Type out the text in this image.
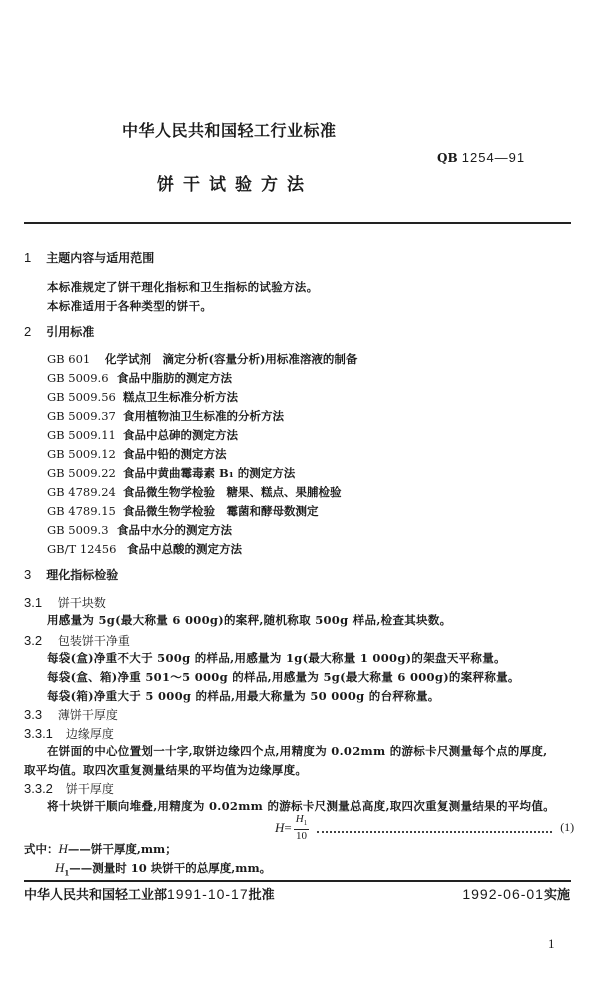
中华人民共和国轻工行业标准
QB 1254—91
饼干试验方法
1 主题内容与适用范围
本标准规定了饼干理化指标和卫生指标的试验方法。
本标准适用于各种类型的饼干。
2 引用标准
GB 601 化学试剂　滴定分析(容量分析)用标准溶液的制备
GB 5009.6 食品中脂肪的测定方法
GB 5009.56 糕点卫生标准分析方法
GB 5009.37 食用植物油卫生标准的分析方法
GB 5009.11 食品中总砷的测定方法
GB 5009.12 食品中铅的测定方法
GB 5009.22 食品中黄曲霉毒素 B₁ 的测定方法
GB 4789.24 食品微生物学检验　糖果、糕点、果脯检验
GB 4789.15 食品微生物学检验　霉菌和酵母数测定
GB 5009.3 食品中水分的测定方法
GB/T 12456 食品中总酸的测定方法
3 理化指标检验
3.1 饼干块数
用感量为 5g(最大称量 6 000g)的案秤,随机称取 500g 样品,检查其块数。
3.2 包装饼干净重
每袋(盒)净重不大于 500g 的样品,用感量为 1g(最大称量 1 000g)的架盘天平称量。
每袋(盒、箱)净重 501～5 000g 的样品,用感量为 5g(最大称量 6 000g)的案秤称量。
每袋(箱)净重大于 5 000g 的样品,用最大称量为 50 000g 的台秤称量。
3.3 薄饼干厚度
3.3.1 边缘厚度
在饼面的中心位置划一十字,取饼边缘四个点,用精度为 0.02mm 的游标卡尺测量每个点的厚度,
取平均值。取四次重复测量结果的平均值为边缘厚度。
3.3.2 饼干厚度
将十块饼干顺向堆叠,用精度为 0.02mm 的游标卡尺测量总高度,取四次重复测量结果的平均值。
$H = \frac{H_1}{10}$	(1)
式中：H——饼干厚度,mm；
$H_1——$测量时 10 块饼干的总厚度,mm。
中华人民共和国轻工业部1991-10-17批准	1992-06-01实施
1
